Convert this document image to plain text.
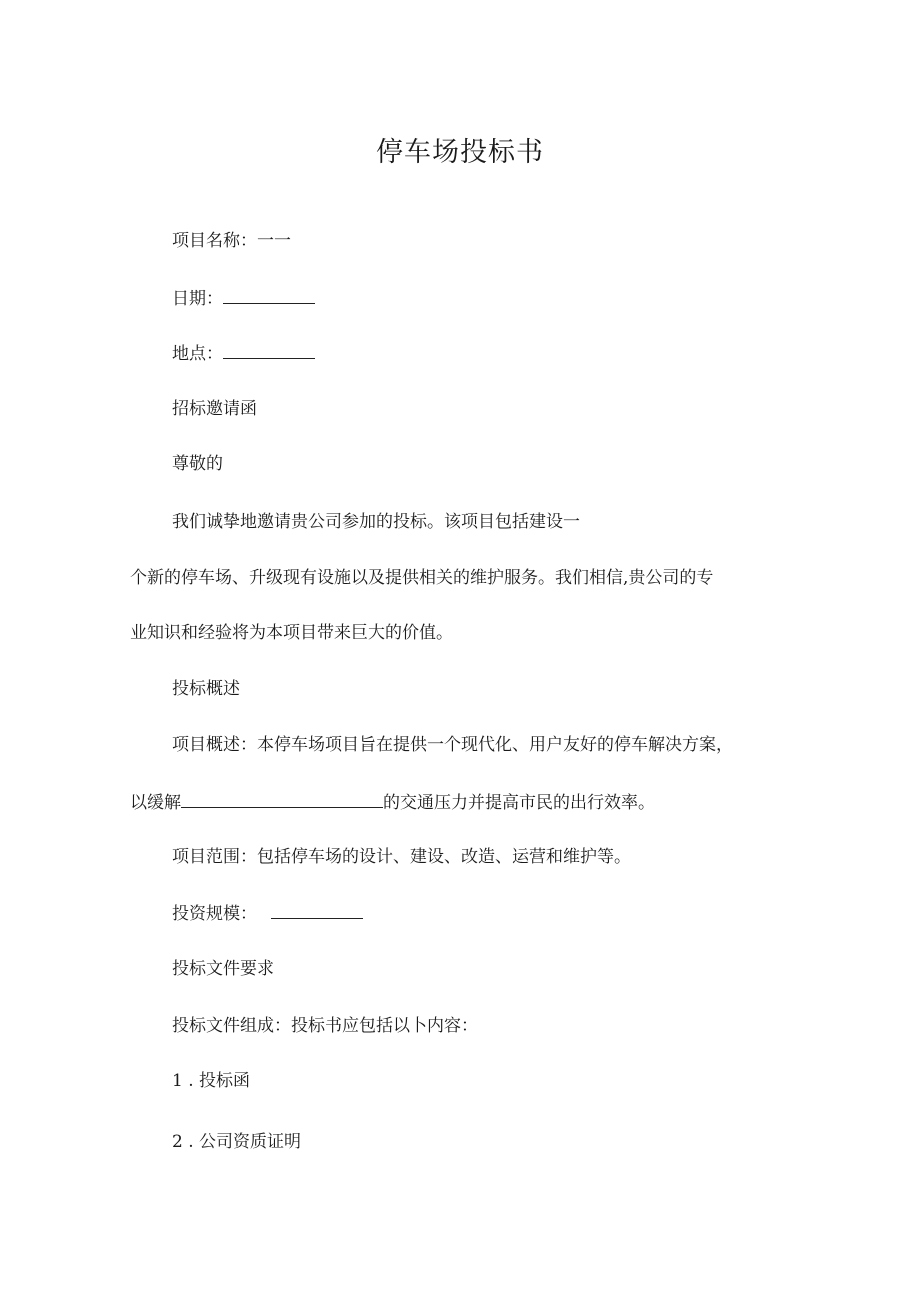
停车场投标书
项目名称：一一
日期：
地点：
招标邀请函
尊敬的
我们诚挚地邀请贵公司参加的投标。该项目包括建设一
个新的停车场、升级现有设施以及提供相关的维护服务。我们相信,贵公司的专
业知识和经验将为本项目带来巨大的价值。
投标概述
项目概述：本停车场项目旨在提供一个现代化、用户友好的停车解决方案，
以缓解	的交通压力并提高市民的出行效率。
项目范围：包括停车场的设计、建设、改造、运营和维护等。
投资规模：
投标文件要求
投标文件组成：投标书应包括以卜内容：
1 . 投标函
2 . 公司资质证明
